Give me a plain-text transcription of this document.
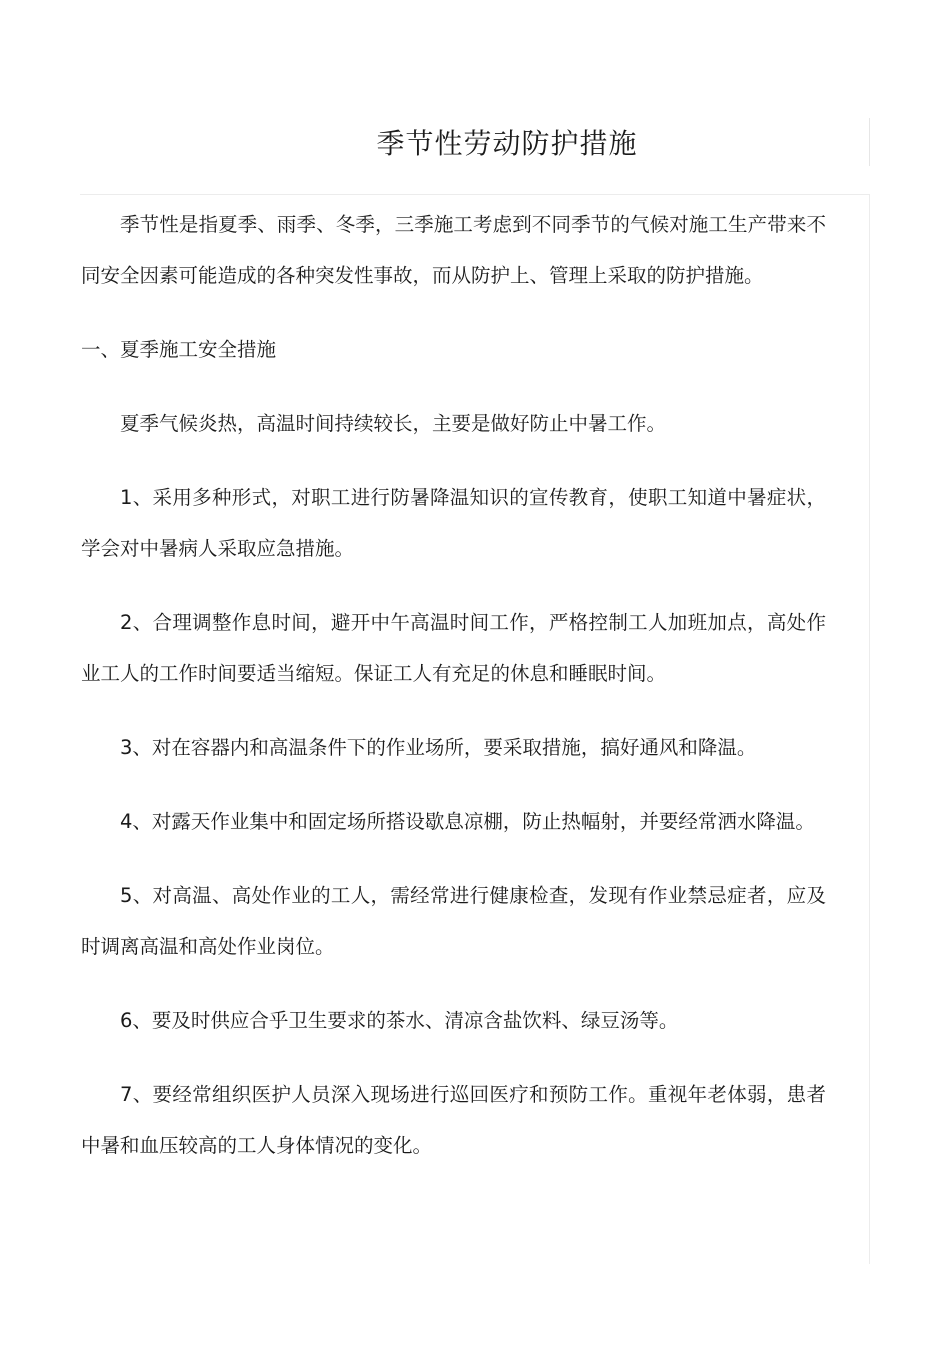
季节性劳动防护措施

季节性是指夏季、雨季、冬季，三季施工考虑到不同季节的气候对施工生产带来不同安全因素可能造成的各种突发性事故，而从防护上、管理上采取的防护措施。

一、夏季施工安全措施

夏季气候炎热，高温时间持续较长，主要是做好防止中暑工作。

1、采用多种形式，对职工进行防暑降温知识的宣传教育，使职工知道中暑症状，学会对中暑病人采取应急措施。

2、合理调整作息时间，避开中午高温时间工作，严格控制工人加班加点，高处作业工人的工作时间要适当缩短。保证工人有充足的休息和睡眠时间。

3、对在容器内和高温条件下的作业场所，要采取措施，搞好通风和降温。

4、对露天作业集中和固定场所搭设歇息凉棚，防止热幅射，并要经常洒水降温。

5、对高温、高处作业的工人，需经常进行健康检查，发现有作业禁忌症者，应及时调离高温和高处作业岗位。

6、要及时供应合乎卫生要求的茶水、清凉含盐饮料、绿豆汤等。

7、要经常组织医护人员深入现场进行巡回医疗和预防工作。重视年老体弱，患者中暑和血压较高的工人身体情况的变化。
